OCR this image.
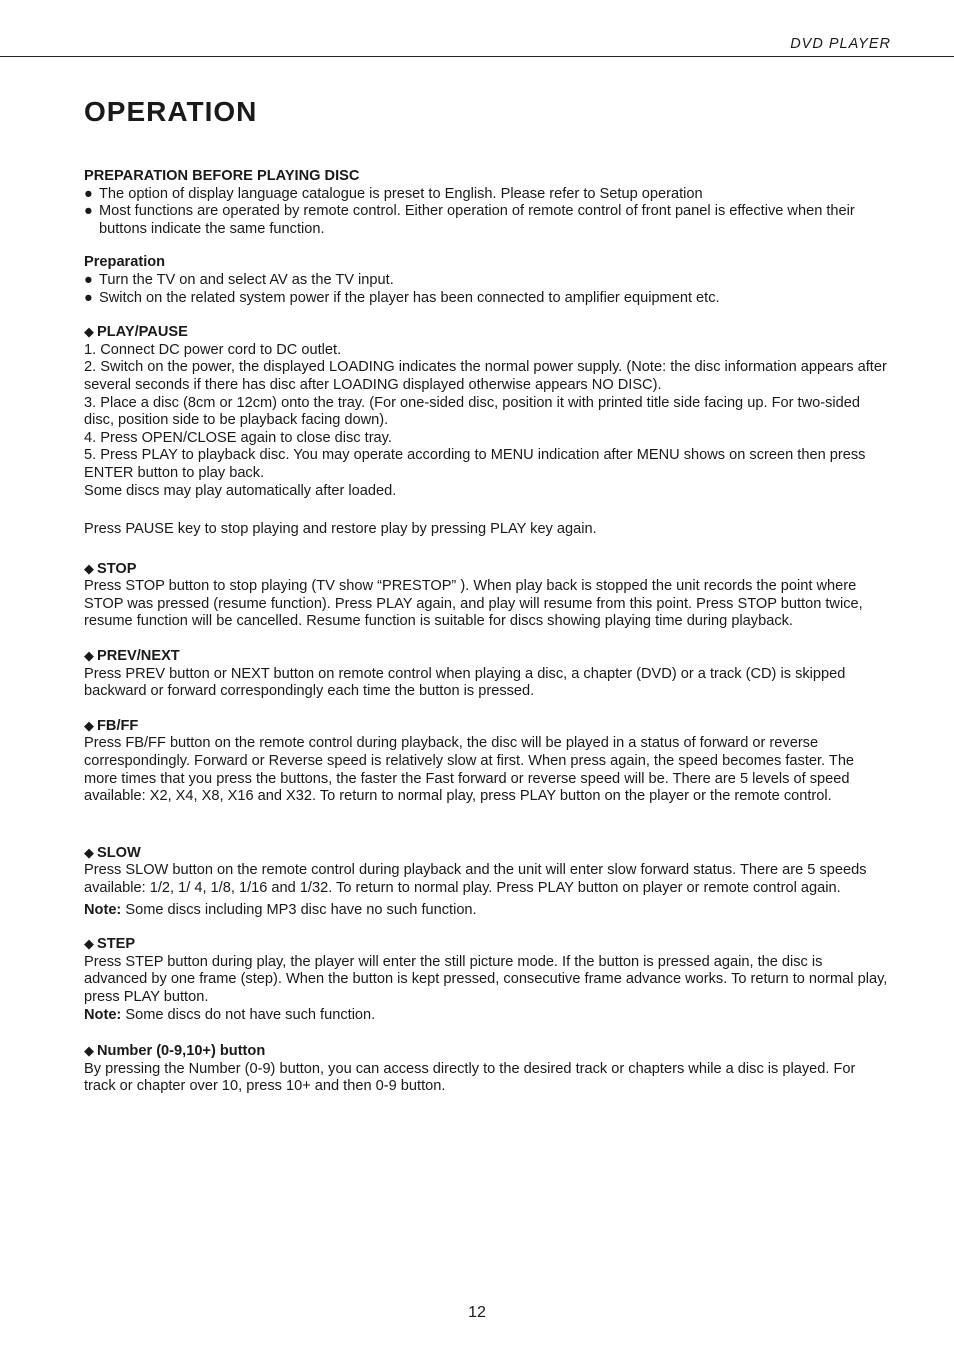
DVD PLAYER
OPERATION
PREPARATION BEFORE PLAYING DISC
● The option of display language catalogue is preset to English. Please refer to Setup operation
● Most functions are operated by remote control. Either operation of remote control of front panel is effective when their buttons indicate the same function.
Preparation
● Turn the TV on and select AV as the TV input.
● Switch on the related system power if the player has been connected to amplifier equipment etc.
◆ PLAY/PAUSE

1. Connect DC power cord to DC outlet.

2. Switch on the power, the displayed LOADING indicates the normal power supply. (Note: the disc information appears after several seconds if there has disc after LOADING displayed otherwise appears NO DISC).

3. Place a disc (8cm or 12cm) onto the tray. (For one-sided disc, position it with printed title side facing up. For two-sided disc, position side to be playback facing down).

4. Press OPEN/CLOSE again to close disc tray.

5. Press PLAY to playback disc. You may operate according to MENU indication after MENU shows on screen then press ENTER button to play back.

Some discs may play automatically after loaded.

Press PAUSE key to stop playing and restore play by pressing PLAY key again.

◆ STOP

Press STOP button to stop playing (TV show “PRESTOP” ). When play back is stopped the unit records the point where STOP was pressed (resume function). Press PLAY again, and play will resume from this point. Press STOP button twice, resume function will be cancelled. Resume function is suitable for discs showing playing time during playback.

◆ PREV/NEXT

Press PREV button or NEXT button on remote control when playing a disc, a chapter (DVD) or a track (CD) is skipped backward or forward correspondingly each time the button is pressed.

◆ FB/FF

Press FB/FF button on the remote control during playback, the disc will be played in a status of forward or reverse correspondingly. Forward or Reverse speed is relatively slow at first. When press again, the speed becomes faster. The more times that you press the buttons, the faster the Fast forward or reverse speed will be. There are 5 levels of speed available: X2, X4, X8, X16 and X32. To return to normal play, press PLAY button on the player or the remote control.

◆ SLOW

Press SLOW button on the remote control during playback and the unit will enter slow forward status. There are 5 speeds available: 1/2, 1/ 4, 1/8, 1/16 and 1/32. To return to normal play. Press PLAY button on player or remote control again.

Note: Some discs including MP3 disc have no such function.

◆ STEP

Press STEP button during play, the player will enter the still picture mode. If the button is pressed again, the disc is advanced by one frame (step). When the button is kept pressed, consecutive frame advance works. To return to normal play, press PLAY button.

Note: Some discs do not have such function.

◆ Number (0-9,10+) button

By pressing the Number (0-9) button, you can access directly to the desired track or chapters while a disc is played. For track or chapter over 10, press 10+ and then 0-9 button.

12
